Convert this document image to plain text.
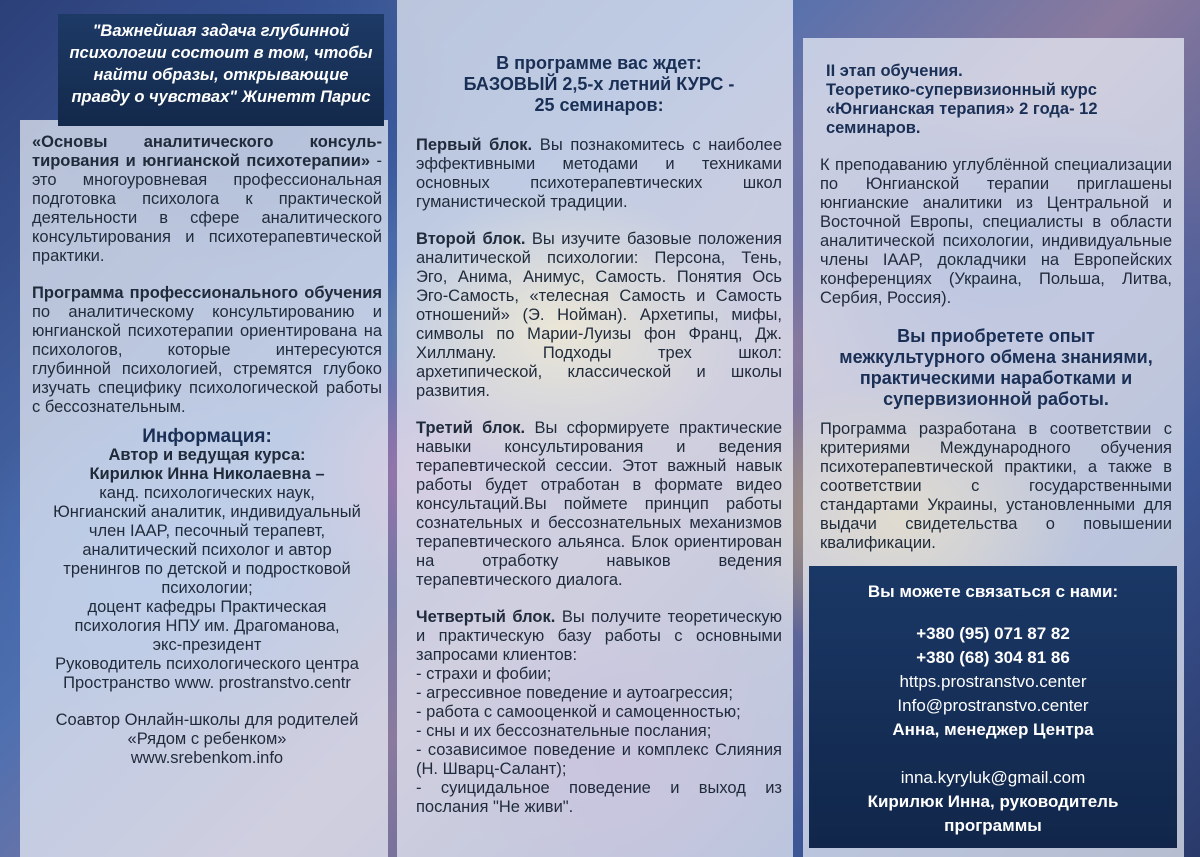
"Важнейшая задача глубинной
психологии состоит в том, чтобы
найти образы, открывающие
правду о чувствах" Жинетт Парис

«Основы аналитического консультирования и юнгианской психотерапии» - это многоуровневая профессиональная подготовка психолога к практической деятельности в сфере аналитического консультирования и психотерапевтической практики.

Программа профессионального обучения по аналитическому консультированию и юнгианской психотерапии ориентирована на психологов, которые интересуются глубинной психологией, стремятся глубоко изучать специфику психологической работы с бессознательным.

Информация:
Автор и ведущая курса:
Кирилюк Инна Николаевна –
канд. психологических наук,
Юнгианский аналитик, индивидуальный
член IAAP, песочный терапевт,
аналитический психолог и автор
тренингов по детской и подростковой
психологии;
доцент кафедры Практическая
психология НПУ им. Драгоманова,
экс-президент
Руководитель психологического центра
Пространство www. prostranstvo.centr
Соавтор Онлайн-школы для родителей
«Рядом с ребенком»
www.srebenkom.info
В программе вас ждет:
БАЗОВЫЙ 2,5-х летний КУРС -
25 семинаров:

Первый блок. Вы познакомитесь с наиболее эффективными методами и техниками основных психотерапевтических школ гуманистической традиции.

Второй блок. Вы изучите базовые положения аналитической психологии: Персона, Тень, Эго, Анима, Анимус, Самость. Понятия Ось Эго-Самость, «телесная Самость и Самость отношений» (Э. Нойман). Архетипы, мифы, символы по Марии-Луизы фон Франц, Дж. Хиллману. Подходы трех школ: архетипической, классической и школы развития.

Третий блок. Вы сформируете практические навыки консультирования и ведения терапевтической сессии. Этот важный навык работы будет отработан в формате видео консультаций.Вы поймете принцип работы сознательных и бессознательных механизмов терапевтического альянса. Блок ориентирован на отработку навыков ведения терапевтического диалога.

Четвертый блок. Вы получите теоретическую и практическую базу работы с основными запросами клиентов:

- страхи и фобии;
- агрессивное поведение и аутоагрессия;
- работа с самооценкой и самоценностью;
- сны и их бессознательные послания;
- созависимое поведение и комплекс Слияния (Н. Шварц-Салант);
- суицидальное поведение и выход из послания "Не живи".
II этап обучения.
Теоретико-супервизионный курс
«Юнгианская терапия» 2 года- 12
семинаров.

К преподаванию углублённой специализации по Юнгианской терапии приглашены юнгианские аналитики из Центральной и Восточной Европы, специалисты в области аналитической психологии, индивидуальные члены IAAP, докладчики на Европейских конференциях (Украина, Польша, Литва, Сербия, Россия).

Вы приобретете опыт
межкультурного обмена знаниями,
практическими наработками и
супервизионной работы.

Программа разработана в соответствии с критериями Международного обучения психотерапевтической практики, а также в соответствии с государственными стандартами Украины, установленными для выдачи свидетельства о повышении квалификации.

Вы можете связаться с нами:
+380 (95) 071 87 82
+380 (68) 304 81 86
https.prostranstvo.center
Info@prostranstvo.center
Анна, менеджер Центра
inna.kyryluk@gmail.com
Кирилюк Инна, руководитель
программы
